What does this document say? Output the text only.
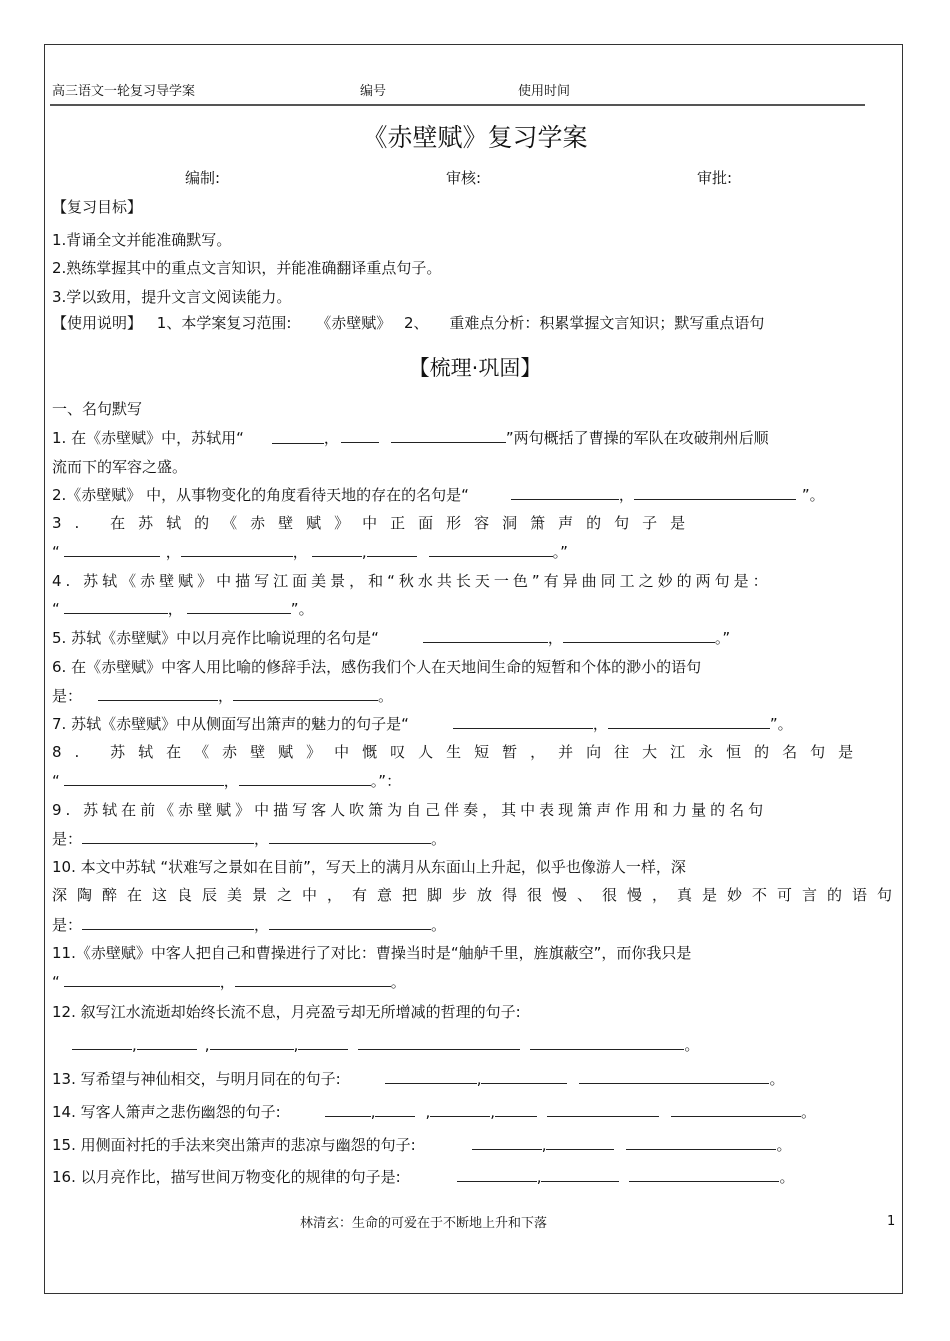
高三语文一轮复习导学案	编号	使用时间
《赤壁赋》复习学案
编制:	审核:	审批:
【复习目标】
1.背诵全文并能准确默写。
2.熟练掌握其中的重点文言知识，并能准确翻译重点句子。
3.学以致用，提升文言文阅读能力。
【使用说明】 1、本学案复习范围: 《赤壁赋》 2、 重难点分析：积累掌握文言知识；默写重点语句
【梳理·巩固】
一、名句默写
1. 在《赤壁赋》中，苏轼用“	，	”两句概括了曹操的军队在攻破荆州后顺
流而下的军容之盛。
2.《赤壁赋》 中，从事物变化的角度看待天地的存在的名句是“	，	”。
3. 在苏轼的《赤壁赋》中正面形容洞箫声的句子是
“	，	，	,	。”
4. 苏轼《赤壁赋》中描写江面美景，和“秋水共长天一色”有异曲同工之妙的两句是：
“	，	”。
5. 苏轼《赤壁赋》中以月亮作比喻说理的名句是“	，	。”
6. 在《赤壁赋》中客人用比喻的修辞手法，感伤我们个人在天地间生命的短暂和个体的渺小的语句
是：	，	。
7. 苏轼《赤壁赋》中从侧面写出箫声的魅力的句子是“	，	”。
8. 苏轼在《赤壁赋》中慨叹人生短暂，并向往大江永恒的名句是
“	，	。”：
9. 苏轼在前《赤壁赋》中描写客人吹箫为自己伴奏，其中表现箫声作用和力量的名句
是：	，	。
10. 本文中苏轼 “状难写之景如在目前”，写天上的满月从东面山上升起，似乎也像游人一样，深
深陶醉在这良辰美景之中，有意把脚步放得很慢、很慢，真是妙不可言的语句
是：	，	。
11.《赤壁赋》中客人把自己和曹操进行了对比：曹操当时是“舳舻千里，旌旗蔽空”，而你我只是
“	，	。
12. 叙写江水流逝却始终长流不息，月亮盈亏却无所增减的哲理的句子:
,	,	,	。
13. 写希望与神仙相交，与明月同在的句子:	,	。
14. 写客人箫声之悲伤幽怨的句子:	,	,	,	。
15. 用侧面衬托的手法来突出箫声的悲凉与幽怨的句子:	,	。
16. 以月亮作比，描写世间万物变化的规律的句子是:	,	。
林清玄：生命的可爱在于不断地上升和下落	1
